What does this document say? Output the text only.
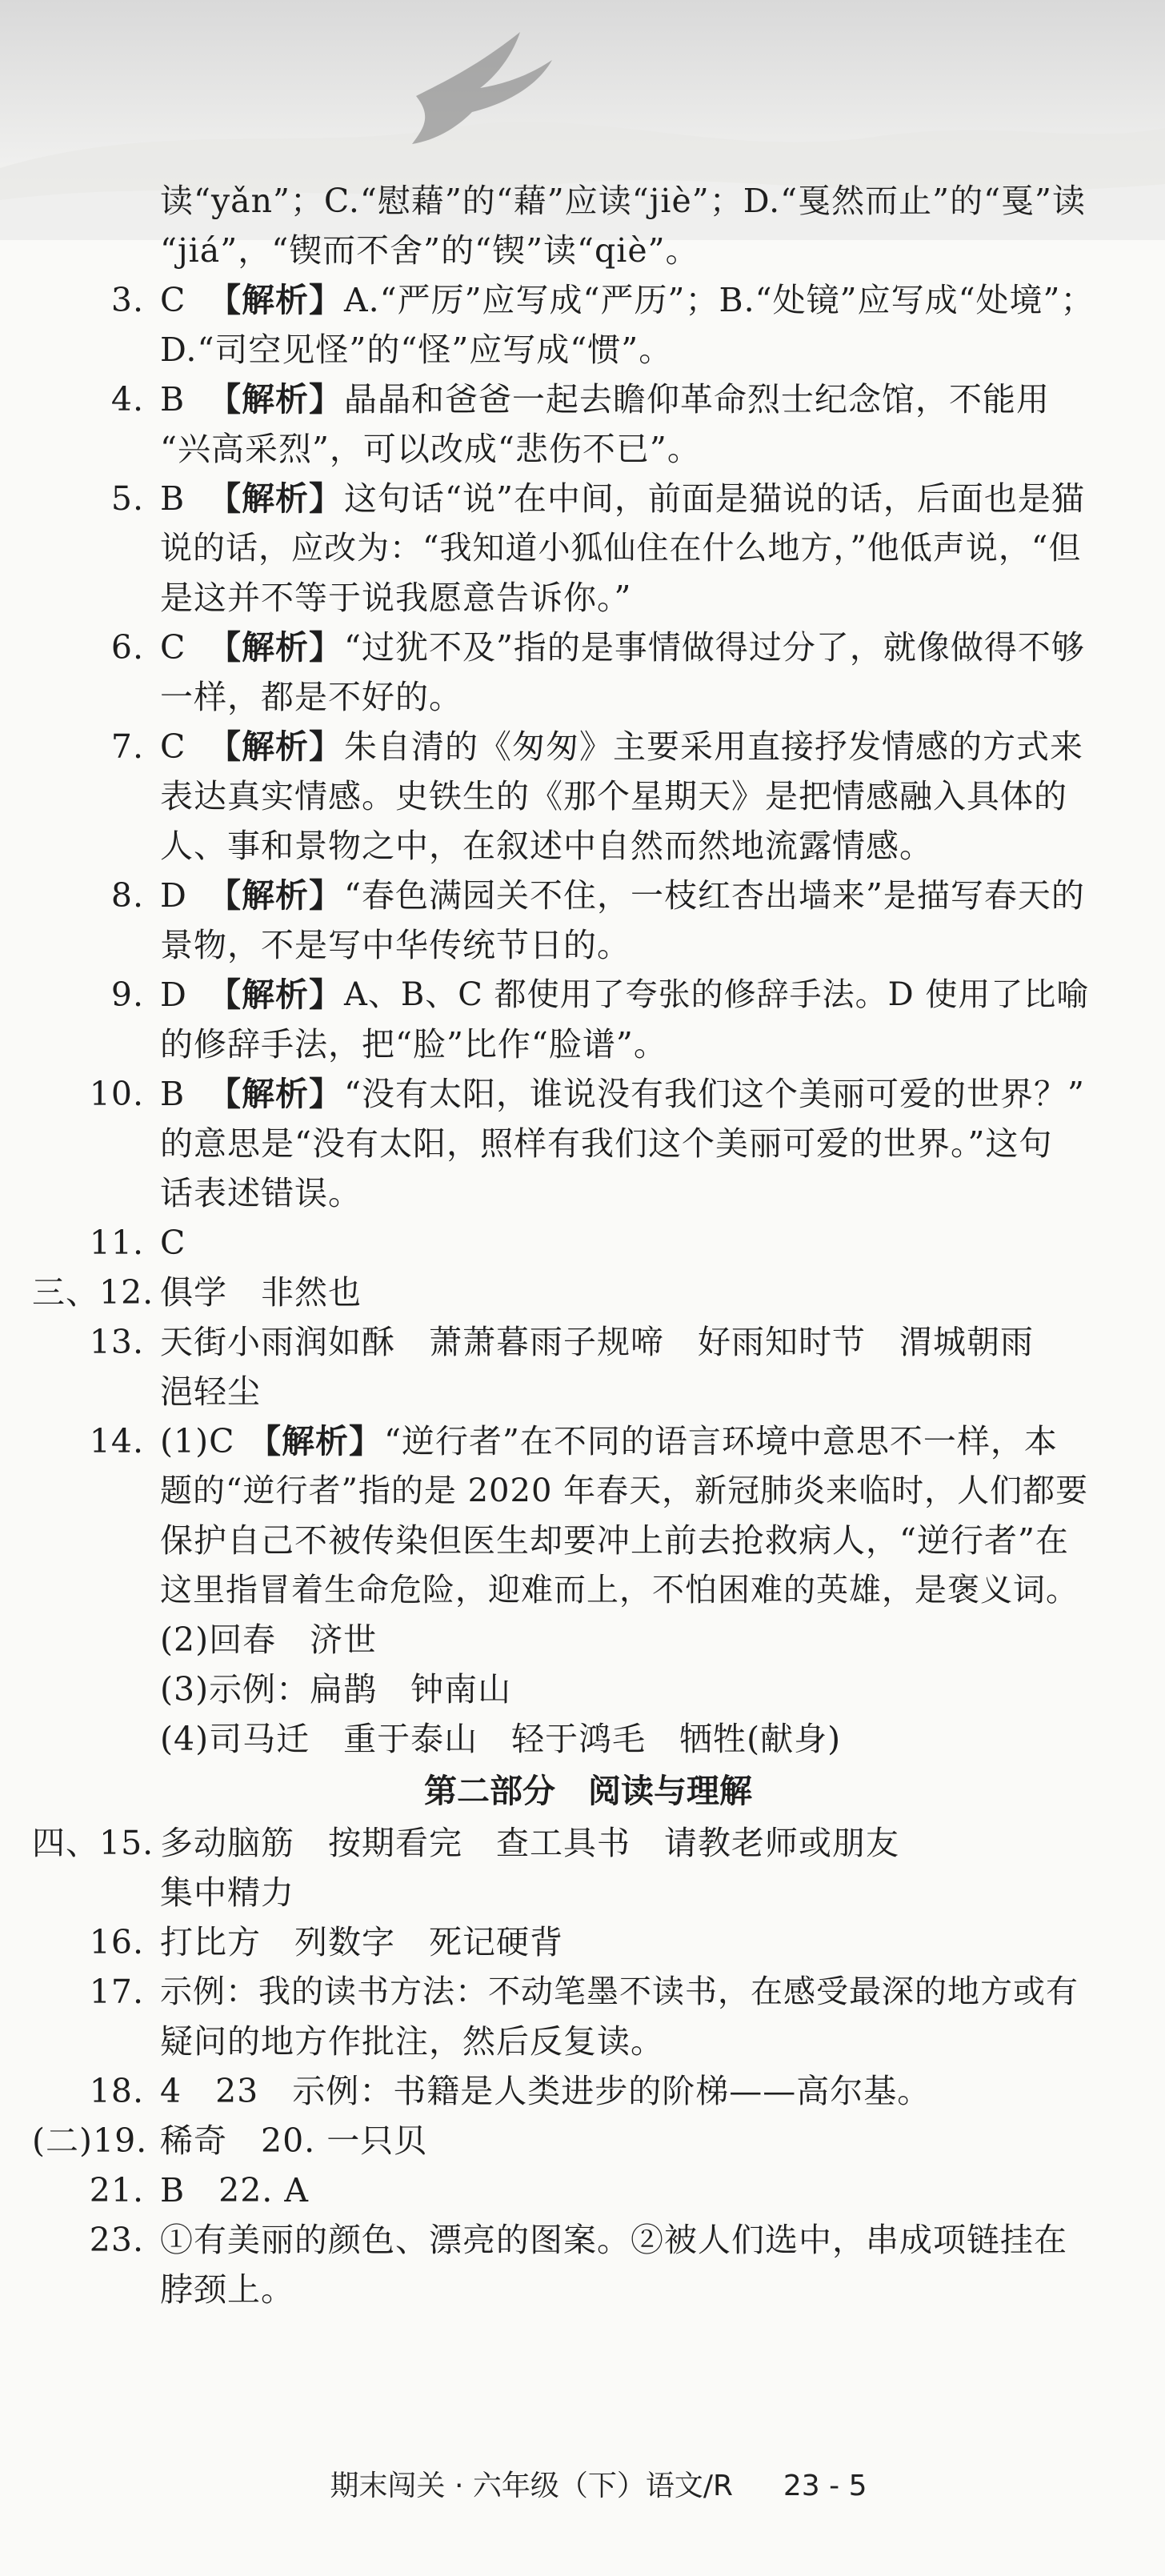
读“yǎn”；C.“慰藉”的“藉”应读“jiè”；D.“戛然而止”的“戛”读
“jiá”，“锲而不舍”的“锲”读“qiè”。
3. C 【解析】 A.“严厉”应写成“严历”；B.“处镜”应写成“处境”；
D.“司空见怪”的“怪”应写成“惯”。
4. B 【解析】 晶晶和爸爸一起去瞻仰革命烈士纪念馆，不能用
“兴高采烈”，可以改成“悲伤不已”。
5. B 【解析】 这句话“说”在中间，前面是猫说的话，后面也是猫
说的话，应改为：“我知道小狐仙住在什么地方，”他低声说，“但
是这并不等于说我愿意告诉你。”
6. C 【解析】 “过犹不及”指的是事情做得过分了，就像做得不够
一样，都是不好的。
7. C 【解析】 朱自清的《匆匆》主要采用直接抒发情感的方式来
表达真实情感。史铁生的《那个星期天》是把情感融入具体的
人、事和景物之中，在叙述中自然而然地流露情感。
8. D 【解析】 “春色满园关不住，一枝红杏出墙来”是描写春天的
景物，不是写中华传统节日的。
9. D 【解析】 A、B、C 都使用了夸张的修辞手法。D 使用了比喻
的修辞手法，把“脸”比作“脸谱”。
10. B 【解析】 “没有太阳，谁说没有我们这个美丽可爱的世界？”
的意思是“没有太阳，照样有我们这个美丽可爱的世界。”这句
话表述错误。
11. C
三、12. 俱学　非然也
13. 天街小雨润如酥　萧萧暮雨子规啼　好雨知时节　渭城朝雨
浥轻尘
14. (1)C 【解析】 “逆行者”在不同的语言环境中意思不一样，本
题的“逆行者”指的是 2020 年春天，新冠肺炎来临时，人们都要
保护自己不被传染但医生却要冲上前去抢救病人，“逆行者”在
这里指冒着生命危险，迎难而上，不怕困难的英雄，是褒义词。
(2)回春　济世
(3)示例：扁鹊　钟南山
(4)司马迁　重于泰山　轻于鸿毛　牺牲(献身)
第二部分　阅读与理解
四、15. 多动脑筋　按期看完　查工具书　请教老师或朋友
集中精力
16. 打比方　列数字　死记硬背
17. 示例：我的读书方法：不动笔墨不读书，在感受最深的地方或有
疑问的地方作批注，然后反复读。
18. 4　23　示例：书籍是人类进步的阶梯——高尔基。
(二)19. 稀奇　20. 一只贝
21. B　22. A
23. ①有美丽的颜色、漂亮的图案。②被人们选中，串成项链挂在
脖颈上。
期末闯关 · 六年级（下）语文/R 23 - 5
